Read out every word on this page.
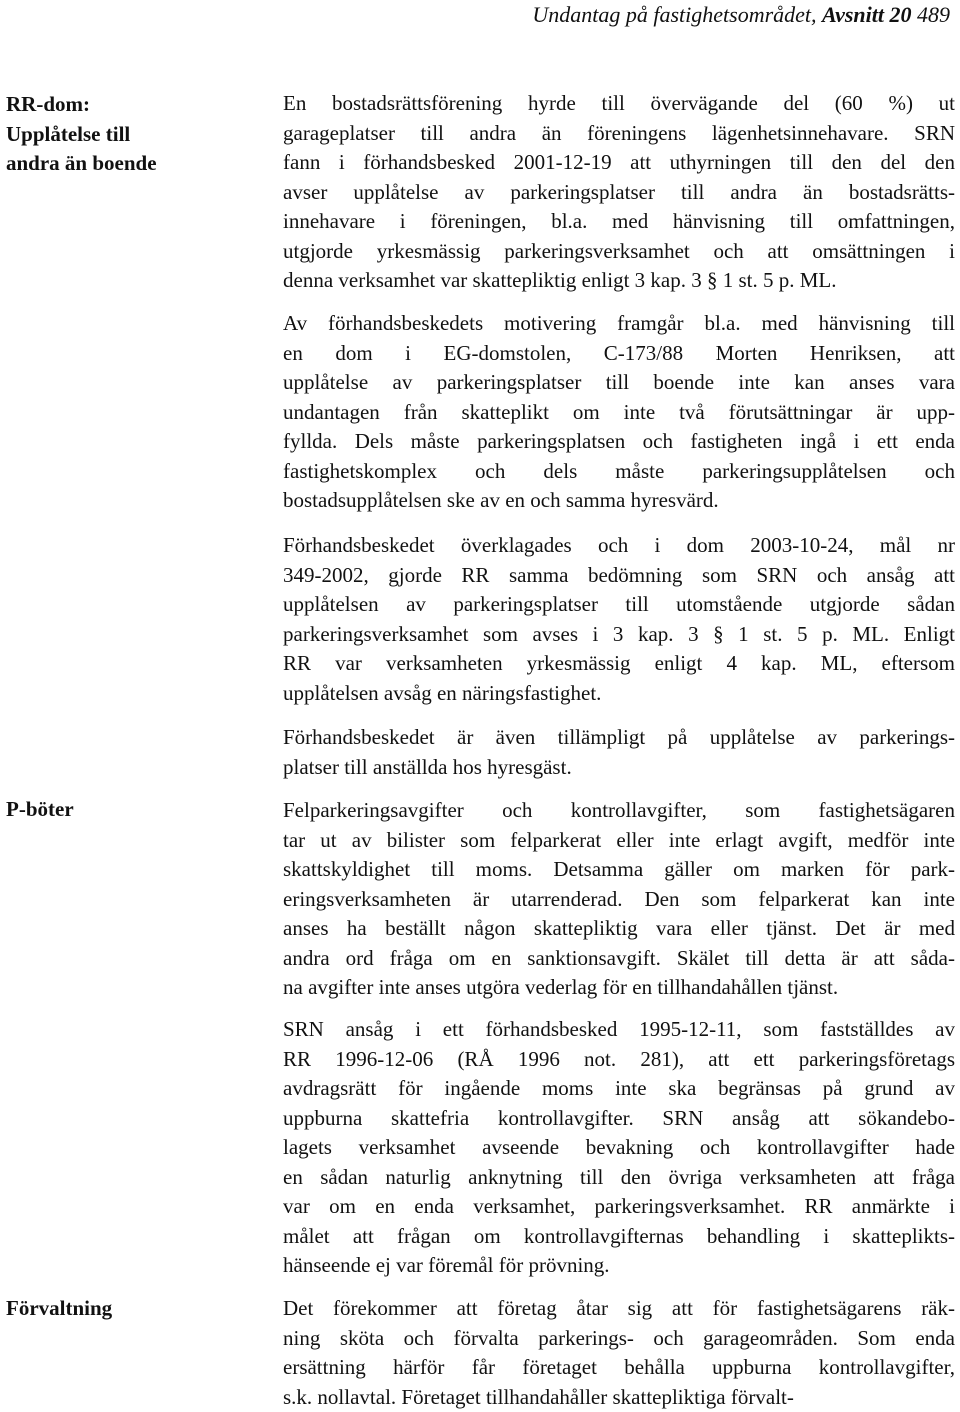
Undantag på fastighetsområdet, Avsnitt 20 489
RR-dom:
Upplåtelse till
andra än boende
P-böter
Förvaltning
En bostadsrättsförening hyrde till övervägande del (60 %) ut
garageplatser till andra än föreningens lägenhetsinnehavare. SRN
fann i förhandsbesked 2001-12-19 att uthyrningen till den del den
avser upplåtelse av parkeringsplatser till andra än bostadsrätts-
innehavare i föreningen, bl.a. med hänvisning till omfattningen,
utgjorde yrkesmässig parkeringsverksamhet och att omsättningen i
denna verksamhet var skattepliktig enligt 3 kap. 3 § 1 st. 5 p. ML.
Av förhandsbeskedets motivering framgår bl.a. med hänvisning till
en dom i EG-domstolen, C-173/88 Morten Henriksen, att
upplåtelse av parkeringsplatser till boende inte kan anses vara
undantagen från skatteplikt om inte två förutsättningar är upp-
fyllda. Dels måste parkeringsplatsen och fastigheten ingå i ett enda
fastighetskomplex och dels måste parkeringsupplåtelsen och
bostadsupplåtelsen ske av en och samma hyresvärd.
Förhandsbeskedet överklagades och i dom 2003-10-24, mål nr
349-2002, gjorde RR samma bedömning som SRN och ansåg att
upplåtelsen av parkeringsplatser till utomstående utgjorde sådan
parkeringsverksamhet som avses i 3 kap. 3 § 1 st. 5 p. ML. Enligt
RR var verksamheten yrkesmässig enligt 4 kap. ML, eftersom
upplåtelsen avsåg en näringsfastighet.
Förhandsbeskedet är även tillämpligt på upplåtelse av parkerings-
platser till anställda hos hyresgäst.
Felparkeringsavgifter och kontrollavgifter, som fastighetsägaren
tar ut av bilister som felparkerat eller inte erlagt avgift, medför inte
skattskyldighet till moms. Detsamma gäller om marken för park-
eringsverksamheten är utarrenderad. Den som felparkerat kan inte
anses ha beställt någon skattepliktig vara eller tjänst. Det är med
andra ord fråga om en sanktionsavgift. Skälet till detta är att såda-
na avgifter inte anses utgöra vederlag för en tillhandahållen tjänst.
SRN ansåg i ett förhandsbesked 1995-12-11, som fastställdes av
RR 1996-12-06 (RÅ 1996 not. 281), att ett parkeringsföretags
avdragsrätt för ingående moms inte ska begränsas på grund av
uppburna skattefria kontrollavgifter. SRN ansåg att sökandebo-
lagets verksamhet avseende bevakning och kontrollavgifter hade
en sådan naturlig anknytning till den övriga verksamheten att fråga
var om en enda verksamhet, parkeringsverksamhet. RR anmärkte i
målet att frågan om kontrollavgifternas behandling i skatteplikts-
hänseende ej var föremål för prövning.
Det förekommer att företag åtar sig att för fastighetsägarens räk-
ning sköta och förvalta parkerings- och garageområden. Som enda
ersättning härför får företaget behålla uppburna kontrollavgifter,
s.k. nollavtal. Företaget tillhandahåller skattepliktiga förvalt-
